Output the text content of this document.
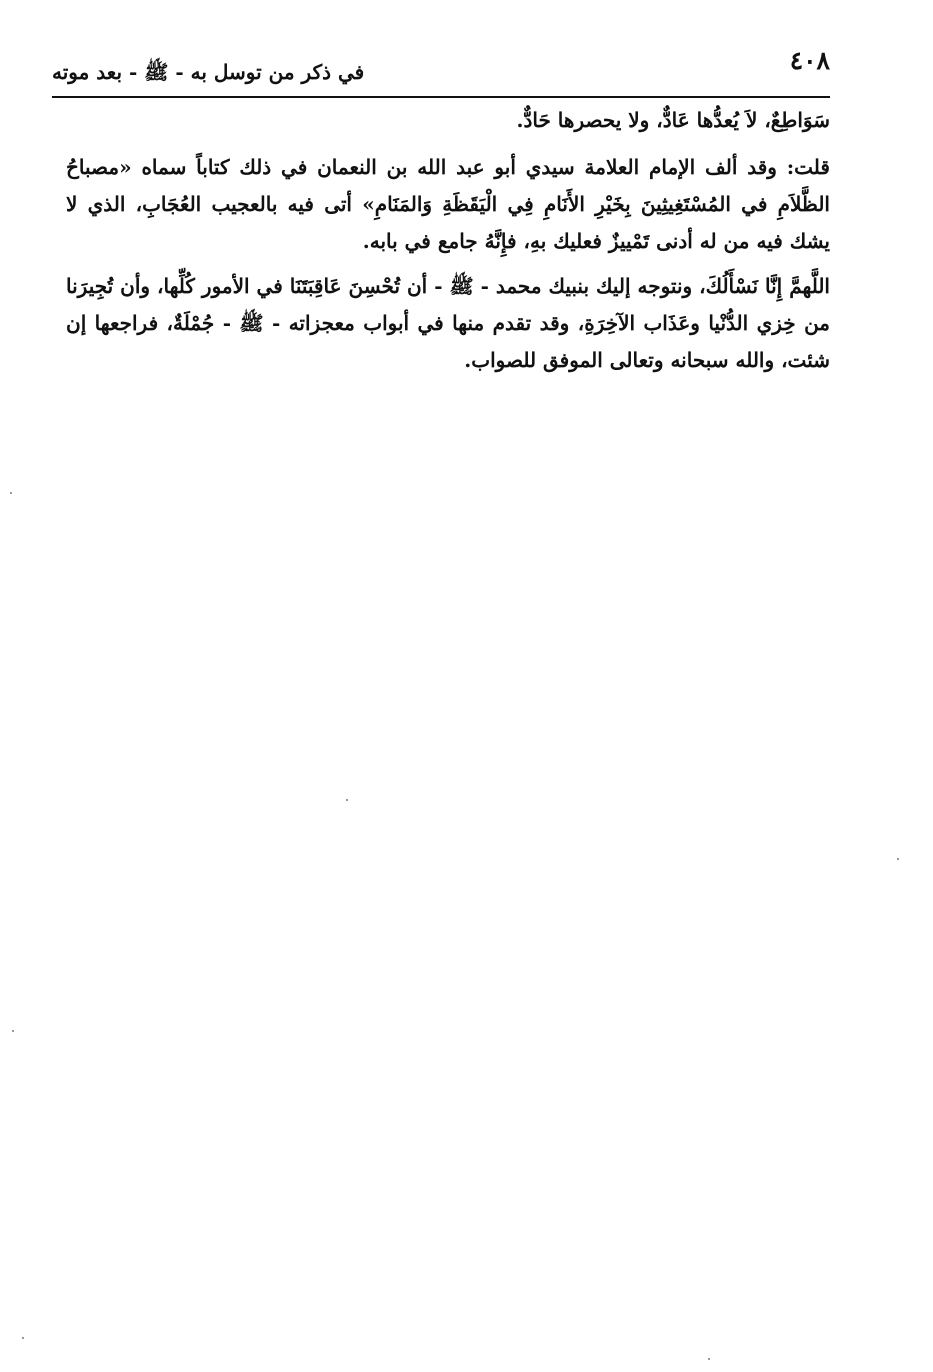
٤٠٨
في ذكر من توسل به - ﷺ - بعد موته

سَوَاطِعٌ، لاَ يُعدُّها عَادٌّ، ولا يحصرها حَادٌّ.

قلت: وقد ألف الإمام العلامة سيدي أبو عبد الله بن النعمان في ذلك كتاباً سماه «مصباحُ الظَّلاَمِ في المُسْتَغِيثِينَ بِخَيْرِ الأَنَامِ فِي الْيَقَظَةِ وَالمَنَامِ» أتى فيه بالعجيب العُجَابِ، الذي لا يشك فيه من له أدنى تَمْييزٌ فعليك بهِ، فإِنَّهُ جامع في بابه.

اللَّهمَّ إِنَّا نَسْأَلُكَ، ونتوجه إليك بنبيك محمد - ﷺ - أن تُحْسِنَ عَاقِبَتَنَا في الأمور كُلِّها، وأن تُجِيرَنا من خِزي الدُّنْيا وعَذَاب الآخِرَةِ، وقد تقدم منها في أبواب معجزاته - ﷺ - جُمْلَةٌ، فراجعها إن شئت، والله سبحانه وتعالى الموفق للصواب.
